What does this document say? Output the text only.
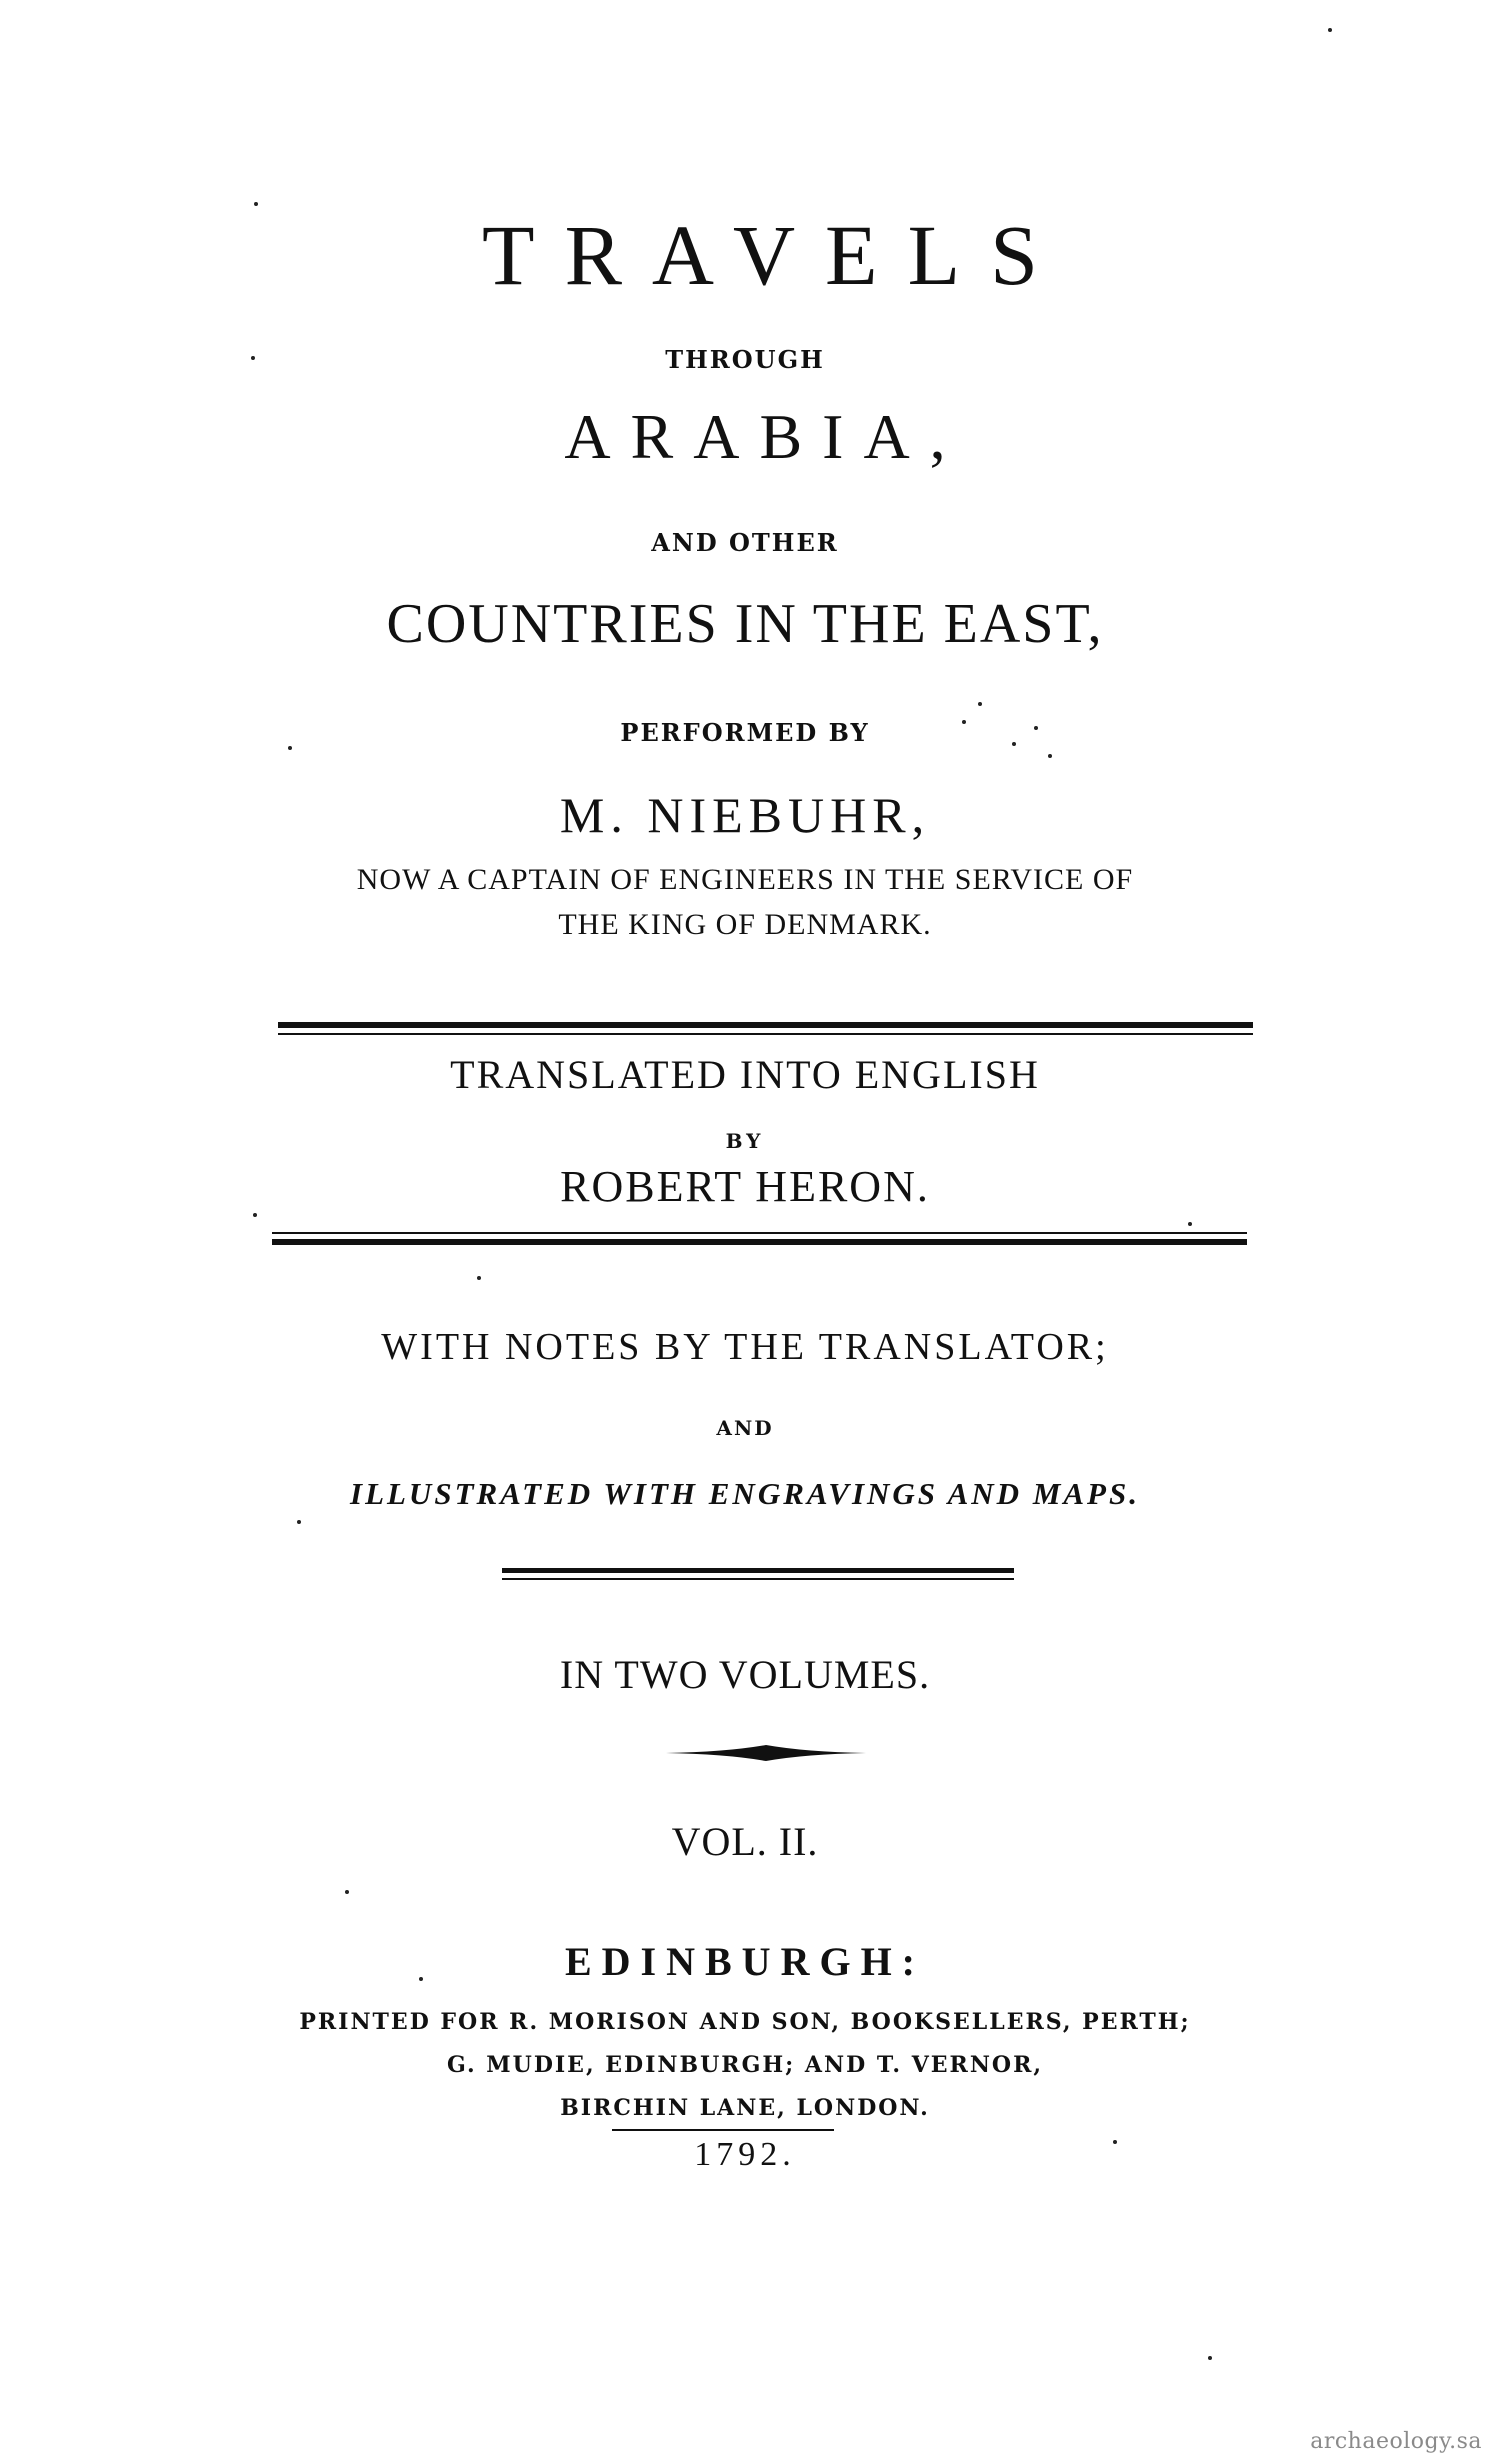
TRAVELS
THROUGH
ARABIA,
AND OTHER
COUNTRIES IN THE EAST,
PERFORMED BY
M. NIEBUHR,
NOW A CAPTAIN OF ENGINEERS IN THE SERVICE OF
THE KING OF DENMARK.
TRANSLATED INTO ENGLISH
BY
ROBERT HERON.
WITH NOTES BY THE TRANSLATOR;
AND
ILLUSTRATED WITH ENGRAVINGS AND MAPS.
IN TWO VOLUMES.
VOL. II.
EDINBURGH:
PRINTED FOR R. MORISON AND SON, BOOKSELLERS, PERTH;
G. MUDIE, EDINBURGH; AND T. VERNOR,
BIRCHIN LANE, LONDON.
1792.
archaeology.sa
